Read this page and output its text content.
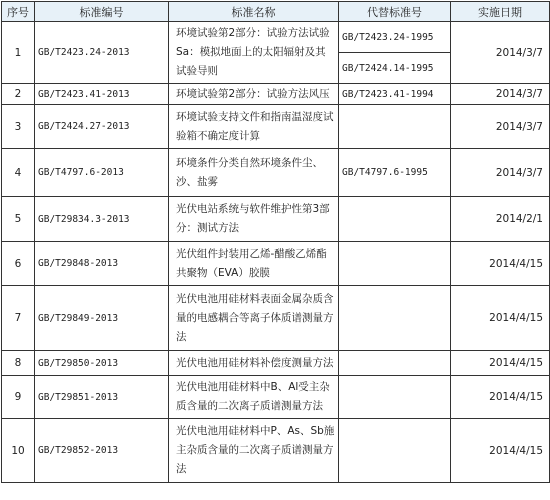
序号	标准编号	标准名称	代替标准号	实施日期
1	GB/T2423.24-2013	环境试验第2部分：试验方法试验Sa：模拟地面上的太阳辐射及其试验导则	GB/T2423.24-1995	2014/3/7
			GB/T2424.14-1995	
2	GB/T2423.41-2013	环境试验第2部分：试验方法风压	GB/T2423.41-1994	2014/3/7
3	GB/T2424.27-2013	环境试验支持文件和指南温湿度试验箱不确定度计算		2014/3/7
4	GB/T4797.6-2013	环境条件分类自然环境条件尘、沙、盐雾	GB/T4797.6-1995	2014/3/7
5	GB/T29834.3-2013	光伏电站系统与软件维护性第3部分：测试方法		2014/2/1
6	GB/T29848-2013	光伏组件封装用乙烯-醋酸乙烯酯共聚物（EVA）胶膜		2014/4/15
7	GB/T29849-2013	光伏电池用硅材料表面金属杂质含量的电感耦合等离子体质谱测量方法		2014/4/15
8	GB/T29850-2013	光伏电池用硅材料补偿度测量方法		2014/4/15
9	GB/T29851-2013	光伏电池用硅材料中B、Al受主杂质含量的二次离子质谱测量方法		2014/4/15
10	GB/T29852-2013	光伏电池用硅材料中P、As、Sb施主杂质含量的二次离子质谱测量方法		2014/4/15
